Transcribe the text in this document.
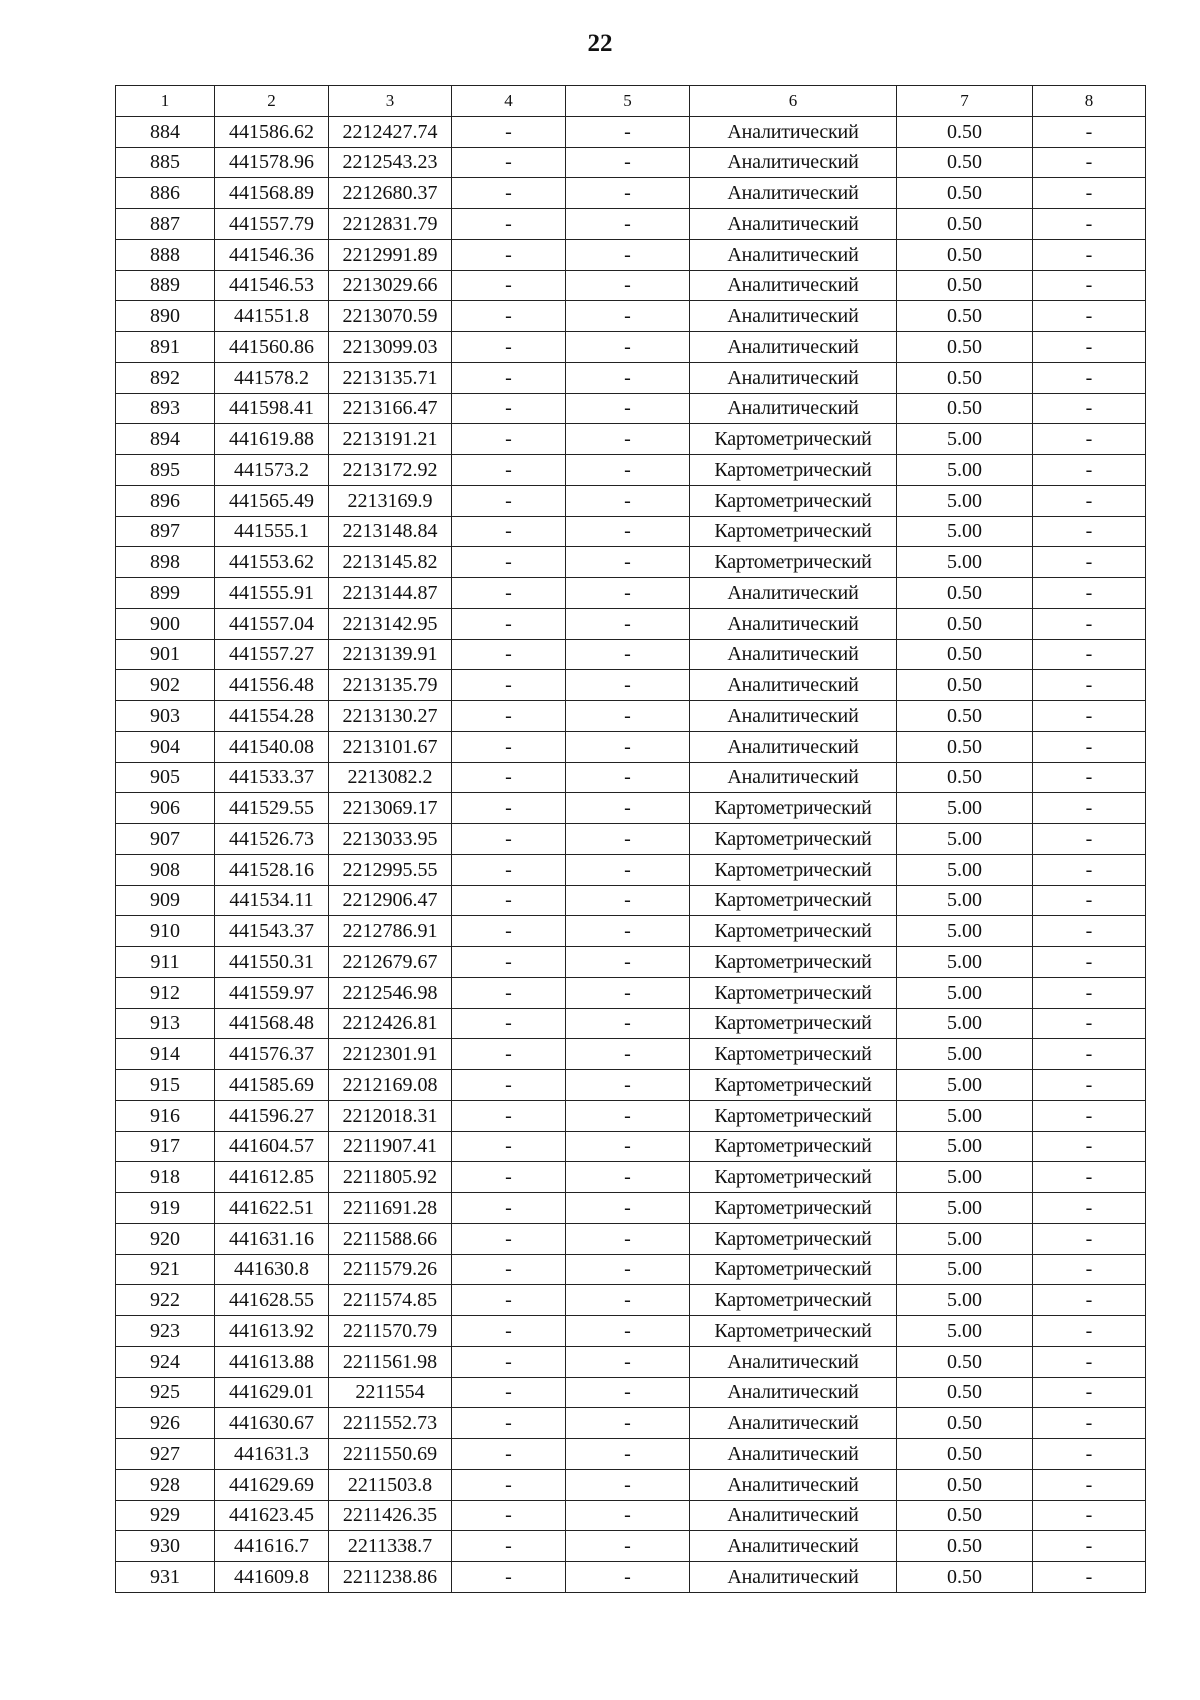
22
1	2	3	4	5	6	7	8
884	441586.62	2212427.74	-	-	Аналитический	0.50	-
885	441578.96	2212543.23	-	-	Аналитический	0.50	-
886	441568.89	2212680.37	-	-	Аналитический	0.50	-
887	441557.79	2212831.79	-	-	Аналитический	0.50	-
888	441546.36	2212991.89	-	-	Аналитический	0.50	-
889	441546.53	2213029.66	-	-	Аналитический	0.50	-
890	441551.8	2213070.59	-	-	Аналитический	0.50	-
891	441560.86	2213099.03	-	-	Аналитический	0.50	-
892	441578.2	2213135.71	-	-	Аналитический	0.50	-
893	441598.41	2213166.47	-	-	Аналитический	0.50	-
894	441619.88	2213191.21	-	-	Картометрический	5.00	-
895	441573.2	2213172.92	-	-	Картометрический	5.00	-
896	441565.49	2213169.9	-	-	Картометрический	5.00	-
897	441555.1	2213148.84	-	-	Картометрический	5.00	-
898	441553.62	2213145.82	-	-	Картометрический	5.00	-
899	441555.91	2213144.87	-	-	Аналитический	0.50	-
900	441557.04	2213142.95	-	-	Аналитический	0.50	-
901	441557.27	2213139.91	-	-	Аналитический	0.50	-
902	441556.48	2213135.79	-	-	Аналитический	0.50	-
903	441554.28	2213130.27	-	-	Аналитический	0.50	-
904	441540.08	2213101.67	-	-	Аналитический	0.50	-
905	441533.37	2213082.2	-	-	Аналитический	0.50	-
906	441529.55	2213069.17	-	-	Картометрический	5.00	-
907	441526.73	2213033.95	-	-	Картометрический	5.00	-
908	441528.16	2212995.55	-	-	Картометрический	5.00	-
909	441534.11	2212906.47	-	-	Картометрический	5.00	-
910	441543.37	2212786.91	-	-	Картометрический	5.00	-
911	441550.31	2212679.67	-	-	Картометрический	5.00	-
912	441559.97	2212546.98	-	-	Картометрический	5.00	-
913	441568.48	2212426.81	-	-	Картометрический	5.00	-
914	441576.37	2212301.91	-	-	Картометрический	5.00	-
915	441585.69	2212169.08	-	-	Картометрический	5.00	-
916	441596.27	2212018.31	-	-	Картометрический	5.00	-
917	441604.57	2211907.41	-	-	Картометрический	5.00	-
918	441612.85	2211805.92	-	-	Картометрический	5.00	-
919	441622.51	2211691.28	-	-	Картометрический	5.00	-
920	441631.16	2211588.66	-	-	Картометрический	5.00	-
921	441630.8	2211579.26	-	-	Картометрический	5.00	-
922	441628.55	2211574.85	-	-	Картометрический	5.00	-
923	441613.92	2211570.79	-	-	Картометрический	5.00	-
924	441613.88	2211561.98	-	-	Аналитический	0.50	-
925	441629.01	2211554	-	-	Аналитический	0.50	-
926	441630.67	2211552.73	-	-	Аналитический	0.50	-
927	441631.3	2211550.69	-	-	Аналитический	0.50	-
928	441629.69	2211503.8	-	-	Аналитический	0.50	-
929	441623.45	2211426.35	-	-	Аналитический	0.50	-
930	441616.7	2211338.7	-	-	Аналитический	0.50	-
931	441609.8	2211238.86	-	-	Аналитический	0.50	-
